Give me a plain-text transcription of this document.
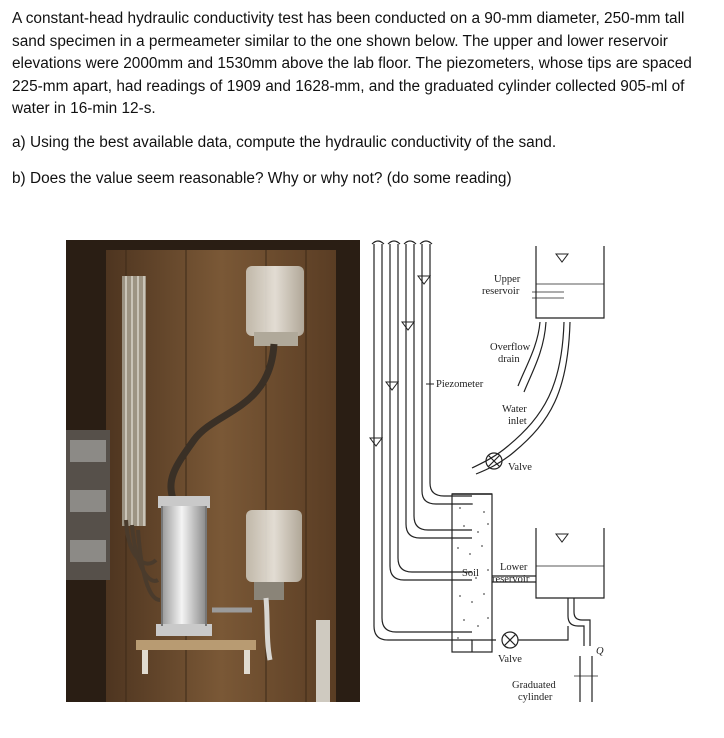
A constant-head hydraulic conductivity test has been conducted on a 90-mm diameter, 250-mm tall sand specimen in a permeameter similar to the one shown below. The upper and lower reservoir elevations were 2000mm and 1530mm above the lab floor. The piezometers, whose tips are spaced 225-mm apart, had readings of 1909 and 1628-mm, and the graduated cylinder collected 905-ml of water in 16-min 12-s.

a) Using the best available data, compute the hydraulic conductivity of the sand.

b) Does the value seem reasonable? Why or why not? (do some reading)

Upper
reservoir
Overflow
drain
Piezometer
Water
inlet
Valve
Soil
Lower
reservoir
Q
Valve
Graduated
cylinder
